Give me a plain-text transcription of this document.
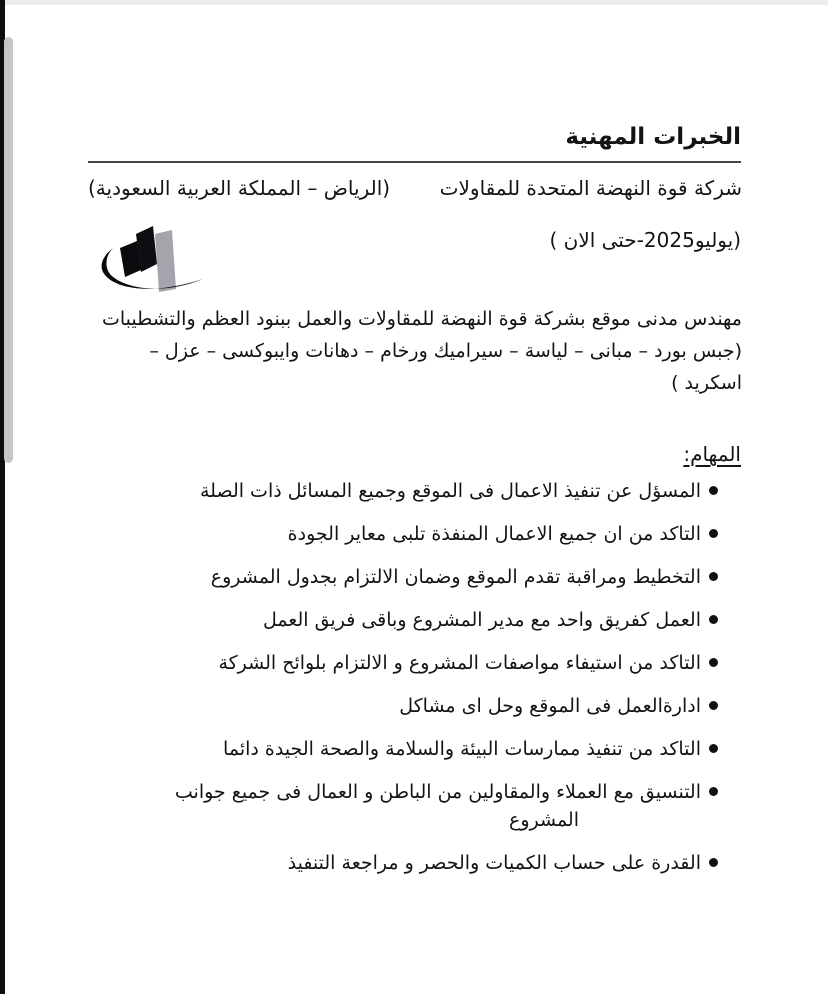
الخبرات المهنية
شركة قوة النهضة المتحدة للمقاولات
(الرياض – المملكة العربية السعودية)
(يوليو2025-حتى الان )
مهندس مدنى موقع بشركة قوة النهضة للمقاولات والعمل ببنود العظم والتشطيبات
(جبس بورد – مبانى – لياسة – سيراميك ورخام – دهانات وايبوكسى – عزل –
اسكريد )
المهام:
المسؤل عن تنفيذ الاعمال فى الموقع وجميع المسائل ذات الصلة
التاكد من ان جميع الاعمال المنفذة تلبى معاير الجودة
التخطيط ومراقبة تقدم الموقع وضمان الالتزام بجدول المشروع
العمل كفريق واحد مع مدير المشروع وباقى فريق العمل
التاكد من استيفاء مواصفات المشروع و الالتزام بلوائح الشركة
ادارةالعمل فى الموقع وحل اى مشاكل
التاكد من تنفيذ ممارسات البيئة والسلامة والصحة الجيدة دائما
التنسيق مع العملاء والمقاولين من الباطن و العمال فى جميع جوانب
المشروع
القدرة على حساب الكميات والحصر و مراجعة التنفيذ
